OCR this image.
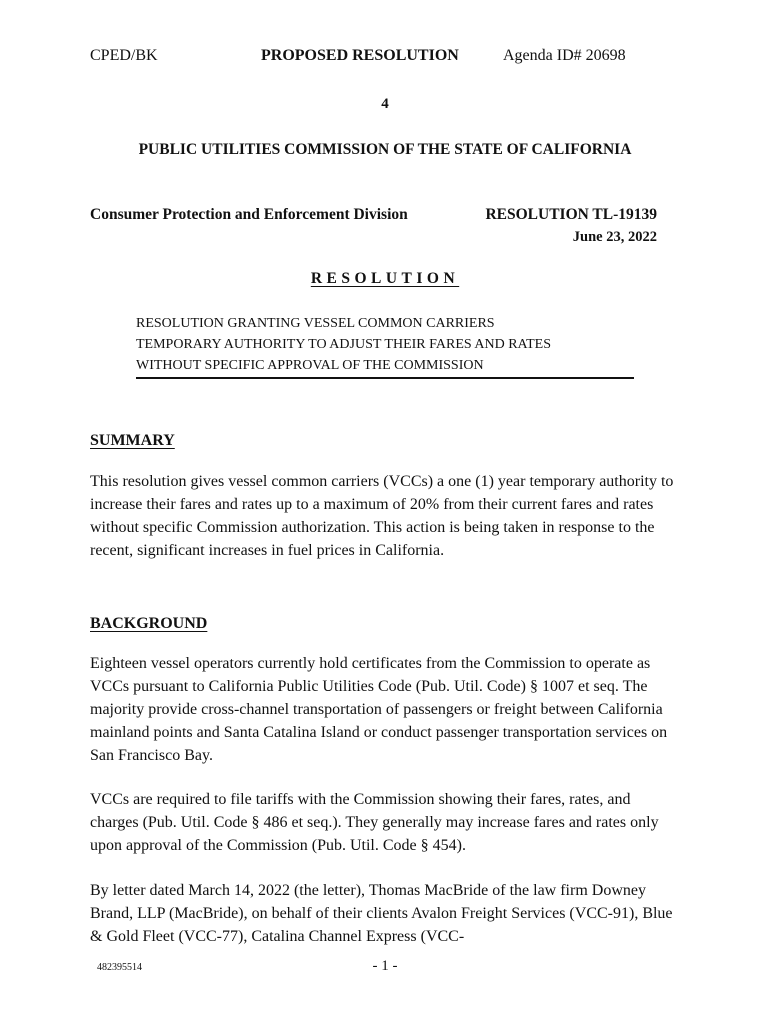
CPED/BK	PROPOSED RESOLUTION	Agenda ID# 20698
4
PUBLIC UTILITIES COMMISSION OF THE STATE OF CALIFORNIA
Consumer Protection and Enforcement Division	RESOLUTION TL-19139
June 23, 2022
RESOLUTION
RESOLUTION GRANTING VESSEL COMMON CARRIERS
TEMPORARY AUTHORITY TO ADJUST THEIR FARES AND RATES
WITHOUT SPECIFIC APPROVAL OF THE COMMISSION
SUMMARY

This resolution gives vessel common carriers (VCCs) a one (1) year temporary authority to increase their fares and rates up to a maximum of 20% from their current fares and rates without specific Commission authorization. This action is being taken in response to the recent, significant increases in fuel prices in California.

BACKGROUND

Eighteen vessel operators currently hold certificates from the Commission to operate as VCCs pursuant to California Public Utilities Code (Pub. Util. Code) § 1007 et seq. The majority provide cross-channel transportation of passengers or freight between California mainland points and Santa Catalina Island or conduct passenger transportation services on San Francisco Bay.

VCCs are required to file tariffs with the Commission showing their fares, rates, and charges (Pub. Util. Code § 486 et seq.). They generally may increase fares and rates only upon approval of the Commission (Pub. Util. Code § 454).

By letter dated March 14, 2022 (the letter), Thomas MacBride of the law firm Downey Brand, LLP (MacBride), on behalf of their clients Avalon Freight Services (VCC-91), Blue & Gold Fleet (VCC-77), Catalina Channel Express (VCC-

482395514	- 1 -
